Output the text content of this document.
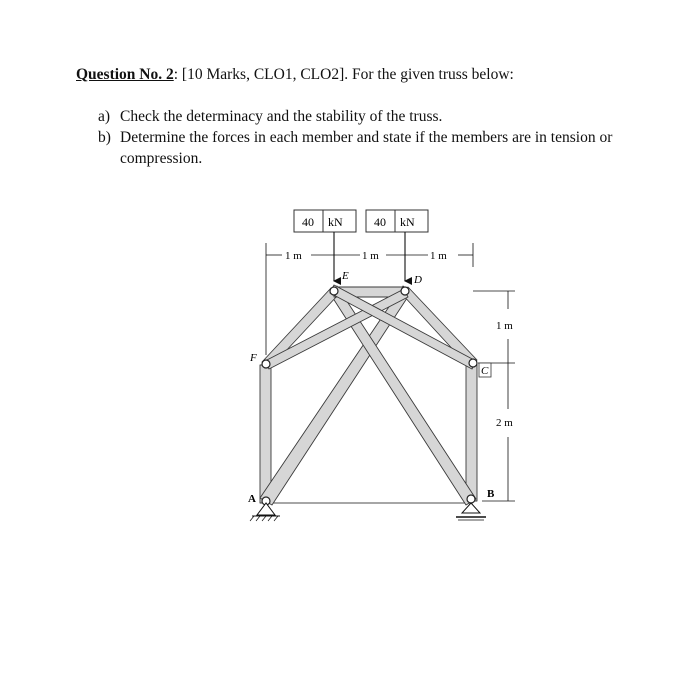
Question No. 2: [10 Marks, CLO1, CLO2]. For the given truss below:
a) Check the determinacy and the stability of the truss.
b) Determine the forces in each member and state if the members are in tension or compression.
40 kN	40 kN
1 m	1 m	1 m
1 m
2 m
A	B
C
D
E
F
